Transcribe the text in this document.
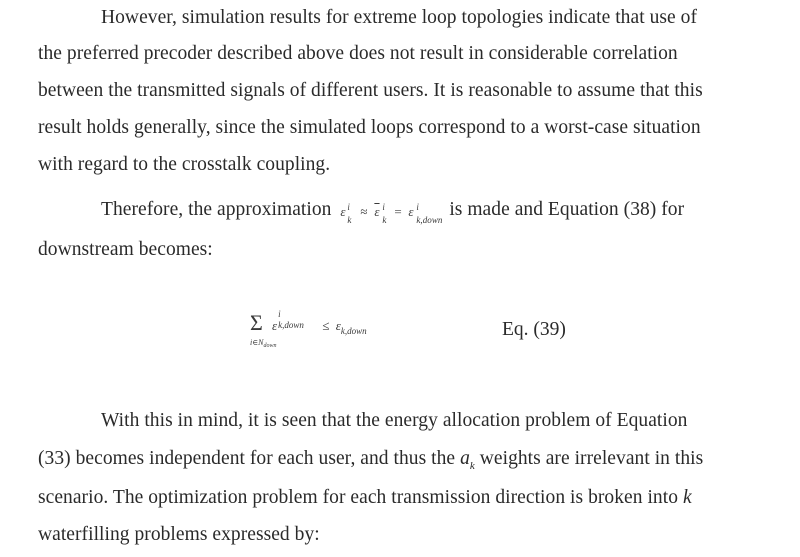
However, simulation results for extreme loop topologies indicate that use of
the preferred precoder described above does not result in considerable correlation
between the transmitted signals of different users. It is reasonable to assume that this
result holds generally, since the simulated loops correspond to a worst-case situation
with regard to the crosstalk coupling.
Therefore, the approximation ε i
k
≈ $\overline{\varepsilon}$ i
k
= ε i
k,down is made and Equation (38) for
downstream becomes:
Σ
$i\in N_{down}$
ε
i
k,down ≤ $\varepsilon_{k,down}$	Eq. (39)
With this in mind, it is seen that the energy allocation problem of Equation
(33) becomes independent for each user, and thus the $a_k$ weights are irrelevant in this
scenario. The optimization problem for each transmission direction is broken into k
waterfilling problems expressed by:
